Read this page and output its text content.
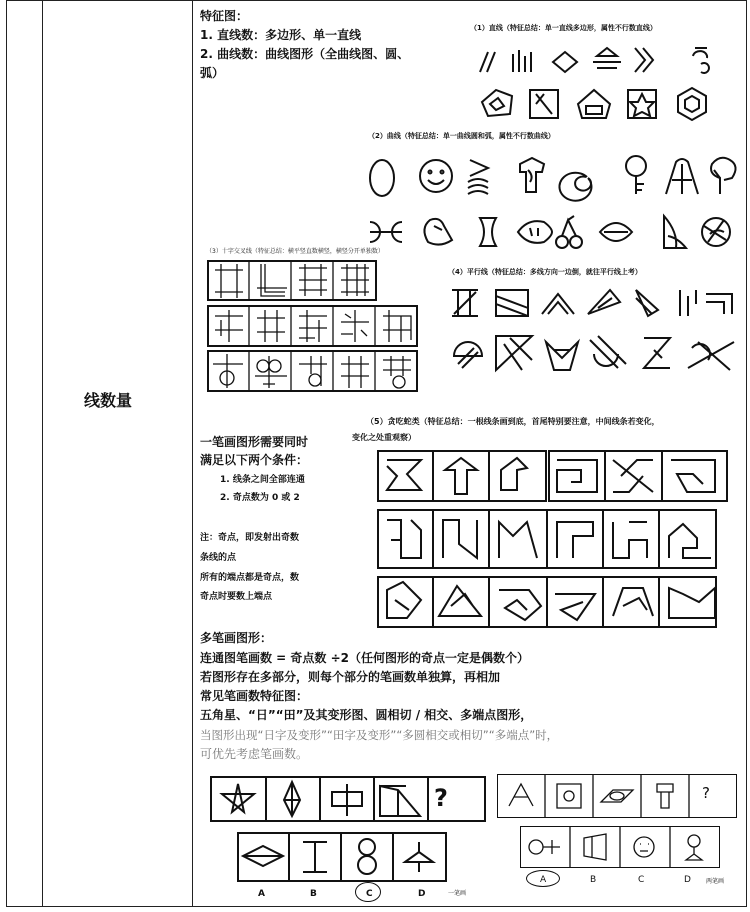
线数量
特征图：
1. 直线数：多边形、单一直线
2. 曲线数：曲线图形（全曲线图、圆、
弧）
（1）直线（特征总结：单一直线多边形，属性不行数直线）
（2）曲线（特征总结：单一曲线圆和弧，属性不行数曲线）
（3）十字交叉线（特征总结：横平竖直数横竖，横竖分开单独数）
（4）平行线（特征总结：多线方向一边倒，就往平行线上考）
（5）贪吃蛇类（特征总结：一根线条画到底，首尾特别要注意，中间线条若变化，
变化之处重观察）
一笔画图形需要同时
满足以下两个条件：
1. 线条之间全部连通
2. 奇点数为 0 或 2
注：奇点，即发射出奇数
条线的点
所有的端点都是奇点，数
奇点时要数上端点
多笔画图形：
连通图笔画数 = 奇点数 ÷2（任何图形的奇点一定是偶数个）
若图形存在多部分，则每个部分的笔画数单独算，再相加
常见笔画数特征图：
五角星、“日”“田”及其变形图、圆相切 / 相交、多端点图形，
当图形出现“日字及变形”“田字及变形”“多圆相交或相切”“多端点”时，
可优先考虑笔画数。
?
A	B	C	D	一笔画
?
A	B	C	D	两笔画
